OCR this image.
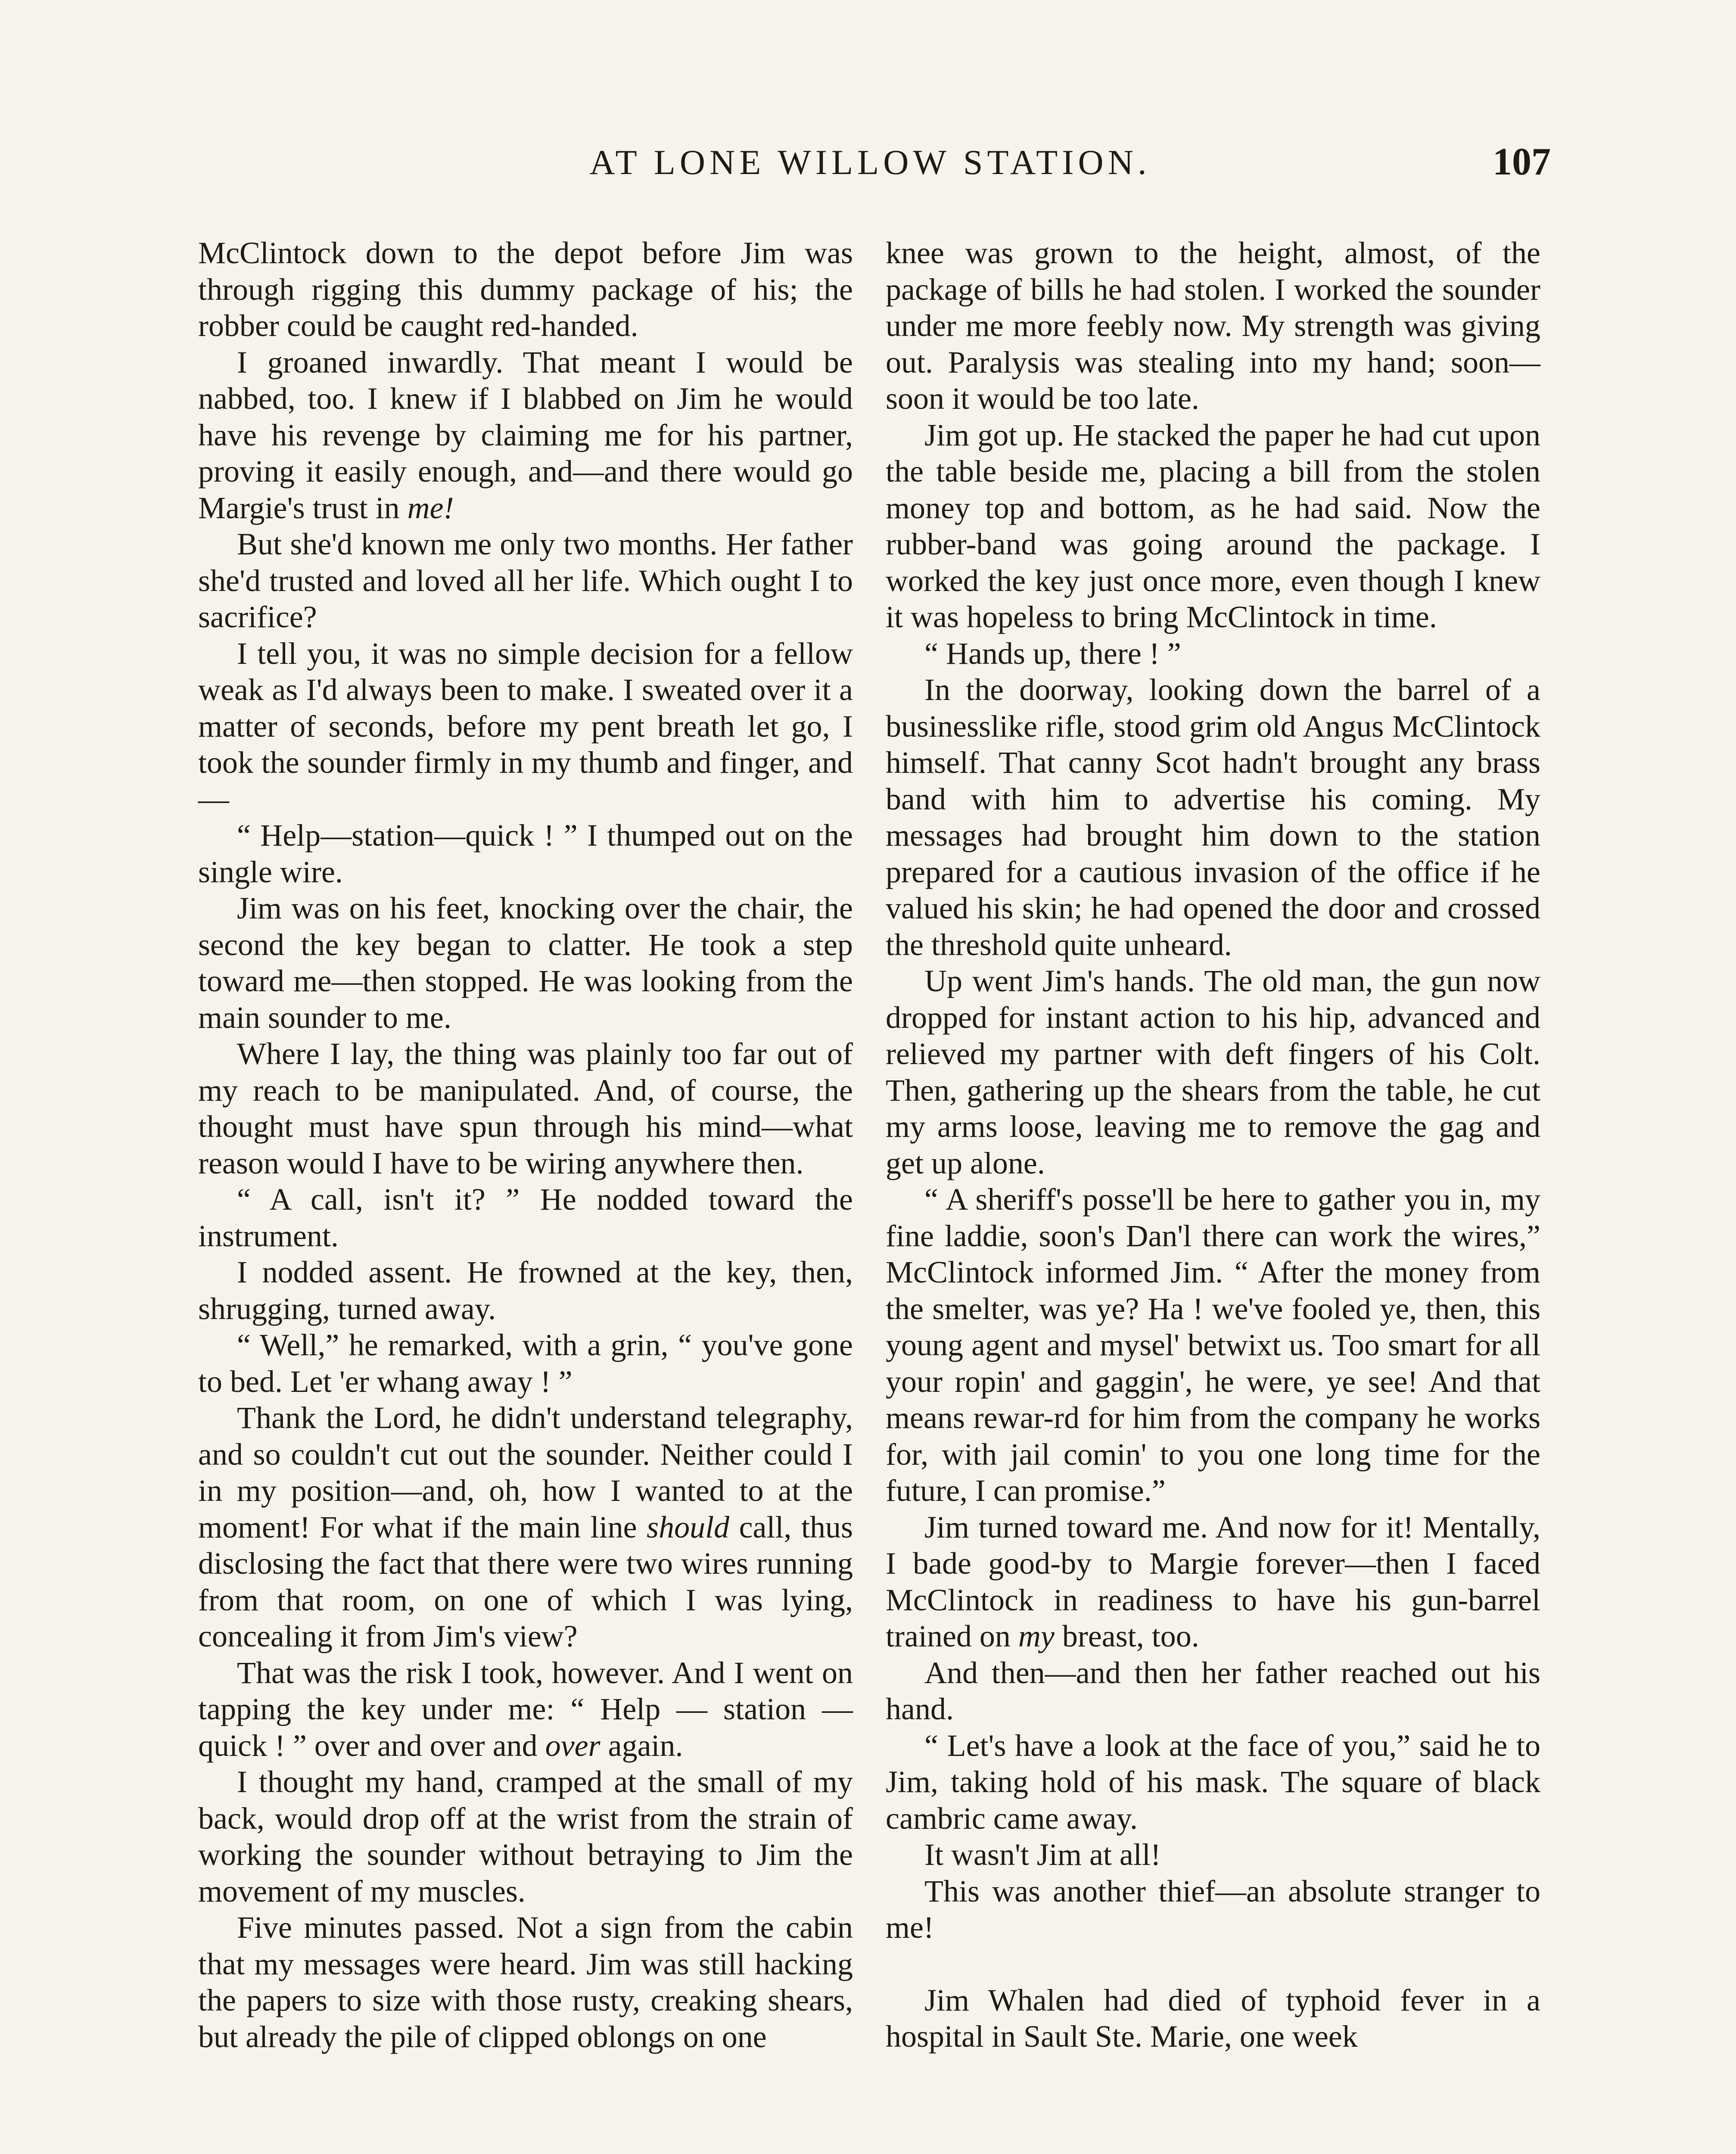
AT LONE WILLOW STATION.	107

McClintock down to the depot before Jim was through rigging this dummy package of his; the robber could be caught red-handed.

I groaned inwardly. That meant I would be nabbed, too. I knew if I blabbed on Jim he would have his revenge by claiming me for his partner, proving it easily enough, and—and there would go Margie's trust in me!

But she'd known me only two months. Her father she'd trusted and loved all her life. Which ought I to sacrifice?

I tell you, it was no simple decision for a fellow weak as I'd always been to make. I sweated over it a matter of seconds, before my pent breath let go, I took the sounder firmly in my thumb and finger, and—

“ Help—station—quick ! ” I thumped out on the single wire.

Jim was on his feet, knocking over the chair, the second the key began to clatter. He took a step toward me—then stopped. He was looking from the main sounder to me.

Where I lay, the thing was plainly too far out of my reach to be manipulated. And, of course, the thought must have spun through his mind—what reason would I have to be wiring anywhere then.

“ A call, isn't it? ” He nodded toward the instrument.

I nodded assent. He frowned at the key, then, shrugging, turned away.

“ Well,” he remarked, with a grin, “ you've gone to bed. Let 'er whang away ! ”

Thank the Lord, he didn't understand telegraphy, and so couldn't cut out the sounder. Neither could I in my position—and, oh, how I wanted to at the moment! For what if the main line should call, thus disclosing the fact that there were two wires running from that room, on one of which I was lying, concealing it from Jim's view?

That was the risk I took, however. And I went on tapping the key under me: “ Help — station — quick ! ” over and over and over again.

I thought my hand, cramped at the small of my back, would drop off at the wrist from the strain of working the sounder without betraying to Jim the movement of my muscles.

Five minutes passed. Not a sign from the cabin that my messages were heard. Jim was still hacking the papers to size with those rusty, creaking shears, but already the pile of clipped oblongs on one

knee was grown to the height, almost, of the package of bills he had stolen. I worked the sounder under me more feebly now. My strength was giving out. Paralysis was stealing into my hand; soon—soon it would be too late.

Jim got up. He stacked the paper he had cut upon the table beside me, placing a bill from the stolen money top and bottom, as he had said. Now the rubber-band was going around the package. I worked the key just once more, even though I knew it was hopeless to bring McClintock in time.

“ Hands up, there ! ”

In the doorway, looking down the barrel of a businesslike rifle, stood grim old Angus McClintock himself. That canny Scot hadn't brought any brass band with him to advertise his coming. My messages had brought him down to the station prepared for a cautious invasion of the office if he valued his skin; he had opened the door and crossed the threshold quite unheard.

Up went Jim's hands. The old man, the gun now dropped for instant action to his hip, advanced and relieved my partner with deft fingers of his Colt. Then, gathering up the shears from the table, he cut my arms loose, leaving me to remove the gag and get up alone.

“ A sheriff's posse'll be here to gather you in, my fine laddie, soon's Dan'l there can work the wires,” McClintock informed Jim. “ After the money from the smelter, was ye? Ha ! we've fooled ye, then, this young agent and mysel' betwixt us. Too smart for all your ropin' and gaggin', he were, ye see! And that means rewar-rd for him from the company he works for, with jail comin' to you one long time for the future, I can promise.”

Jim turned toward me. And now for it! Mentally, I bade good-by to Margie forever—then I faced McClintock in readiness to have his gun-barrel trained on my breast, too.

And then—and then her father reached out his hand.

“ Let's have a look at the face of you,” said he to Jim, taking hold of his mask. The square of black cambric came away.

It wasn't Jim at all!

This was another thief—an absolute stranger to me!

Jim Whalen had died of typhoid fever in a hospital in Sault Ste. Marie, one week
